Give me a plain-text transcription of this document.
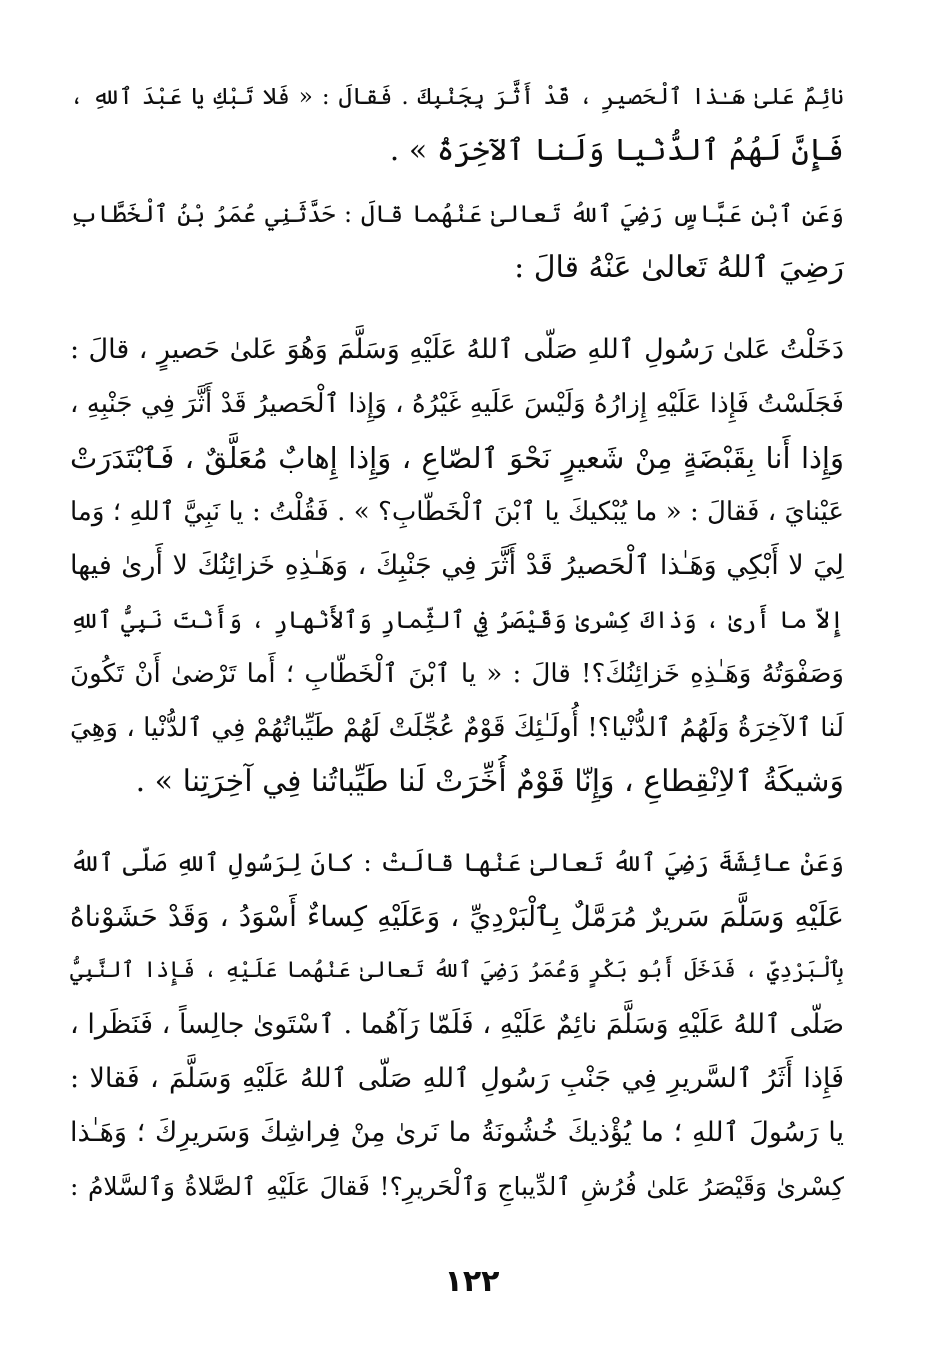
نائِمٌ عَلىٰ هَـٰذا ٱلْحَصيرِ ، قَدْ أَثَّرَ بِجَنْبِكَ . فَقالَ : « فَلا تَبْكِ يا عَبْدَ ٱللهِ ،
فَإِنَّ لَهُمُ ٱلدُّنْيا وَلَنا ٱلآخِرَةُ » .
وَعَنِ ٱبْنِ عَبَّاسٍ رَضِيَ ٱللهُ تَعالىٰ عَنْهُما قالَ : حَدَّثَنِي عُمَرُ بْنُ ٱلْخَطَّابِ
رَضِيَ ٱللهُ تَعالىٰ عَنْهُ قالَ :
دَخَلْتُ عَلىٰ رَسُولِ ٱللهِ صَلّى ٱللهُ عَلَيْهِ وَسَلَّمَ وَهُوَ عَلىٰ حَصيرٍ ، قالَ :
فَجَلَسْتُ فَإِذا عَلَيْهِ إِزارُهُ وَلَيْسَ عَلَيهِ غَيْرُهُ ، وَإِذا ٱلْحَصيرُ قَدْ أَثَّرَ فِي جَنْبِهِ ،
وَإِذا أَنا بِقَبْضَةٍ مِنْ شَعيرٍ نَحْوَ ٱلصّاعِ ، وَإِذا إِهابٌ مُعَلَّقٌ ، فَٱبْتَدَرَتْ
عَيْنايَ ، فَقالَ : « ما يُبْكيكَ يا ٱبْنَ ٱلْخَطّابِ؟ » . فَقُلْتُ : يا نَبِيَّ ٱللهِ ؛ وَما
لِيَ لا أَبْكِي وَهَـٰذا ٱلْحَصيرُ قَدْ أَثَّرَ فِي جَنْبِكَ ، وَهَـٰذِهِ خَزائِنُكَ لا أَرىٰ فيها
إِلاّ ما أَرىٰ ، وَذاكَ كِسْرىٰ وَقَيْصَرُ فِي ٱلثِّمارِ وَٱلأَنْهارِ ، وَأَنْتَ نَبِيُّ ٱللهِ
وَصَفْوَتُهُ وَهَـٰذِهِ خَزائِنُكَ؟! قالَ : « يا ٱبْنَ ٱلْخَطّابِ ؛ أَما تَرْضىٰ أَنْ تَكُونَ
لَنا ٱلآخِرَةُ وَلَهُمُ ٱلدُّنْيا؟! أُولَـٰئِكَ قَوْمٌ عُجِّلَتْ لَهُمْ طَيِّباتُهُمْ فِي ٱلدُّنْيا ، وَهِيَ
وَشيكَةُ ٱلاِنْقِطاعِ ، وَإِنّا قَوْمٌ أُخِّرَتْ لَنا طَيِّباتُنا فِي آخِرَتِنا » .
وَعَنْ عائِشَةَ رَضِيَ ٱللهُ تَعالىٰ عَنْها قالَتْ : كانَ لِرَسُولِ ٱللهِ صَلّى ٱللهُ
عَلَيْهِ وَسَلَّمَ سَريرٌ مُرَمَّلٌ بِٱلْبَرْدِيِّ ، وَعَلَيْهِ كِساءٌ أَسْوَدُ ، وَقَدْ حَشَوْناهُ
بِٱلْبَرْدِيِّ ، فَدَخَلَ أَبُو بَكْرٍ وَعُمَرُ رَضِيَ ٱللهُ تَعالىٰ عَنْهُما عَلَيْهِ ، فَإِذا ٱلنَّبِيُّ
صَلّى ٱللهُ عَلَيْهِ وَسَلَّمَ نائِمٌ عَلَيْهِ ، فَلَمّا رَآهُما . ٱسْتَوىٰ جالِساً ، فَنَظَرا ،
فَإِذا أَثَرُ ٱلسَّريرِ فِي جَنْبِ رَسُولِ ٱللهِ صَلّى ٱللهُ عَلَيْهِ وَسَلَّمَ ، فَقالا :
يا رَسُولَ ٱللهِ ؛ ما يُؤْذيكَ خُشُونَةُ ما نَرىٰ مِنْ فِراشِكَ وَسَريرِكَ ؛ وَهَـٰذا
كِسْرىٰ وَقَيْصَرُ عَلىٰ فُرُشِ ٱلدِّيباجِ وَٱلْحَريرِ؟! فَقالَ عَلَيْهِ ٱلصَّلاةُ وَٱلسَّلامُ :
١٢٢
